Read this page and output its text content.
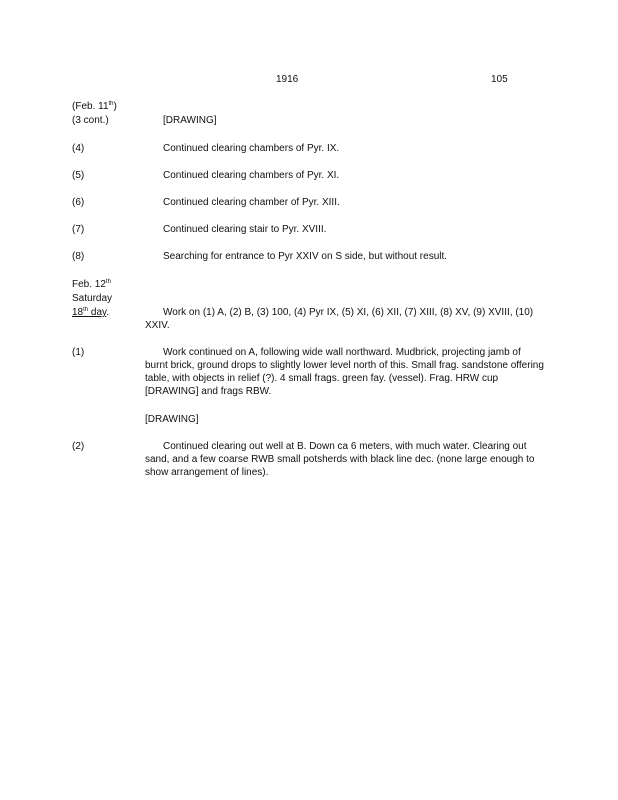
1916	105
(Feb. 11th)
(3 cont.)	[DRAWING]
(4)	Continued clearing chambers of Pyr. IX.
(5)	Continued clearing chambers of Pyr. XI.
(6)	Continued clearing chamber of Pyr. XIII.
(7)	Continued clearing stair to Pyr. XVIII.
(8)	Searching for entrance to Pyr XXIV on S side, but without result.
Feb. 12th
Saturday
18th day.	Work on (1) A, (2) B, (3) 100, (4) Pyr IX, (5) XI, (6) XII, (7) XIII, (8) XV, (9) XVIII, (10) XXIV.
(1)	Work continued on A, following wide wall northward. Mudbrick, projecting jamb of burnt brick, ground drops to slightly lower level north of this. Small frag. sandstone offering table, with objects in relief (?). 4 small frags. green fay. (vessel). Frag. HRW cup [DRAWING] and frags RBW.
[DRAWING]
(2)	Continued clearing out well at B. Down ca 6 meters, with much water. Clearing out sand, and a few coarse RWB small potsherds with black line dec. (none large enough to show arrangement of lines).
